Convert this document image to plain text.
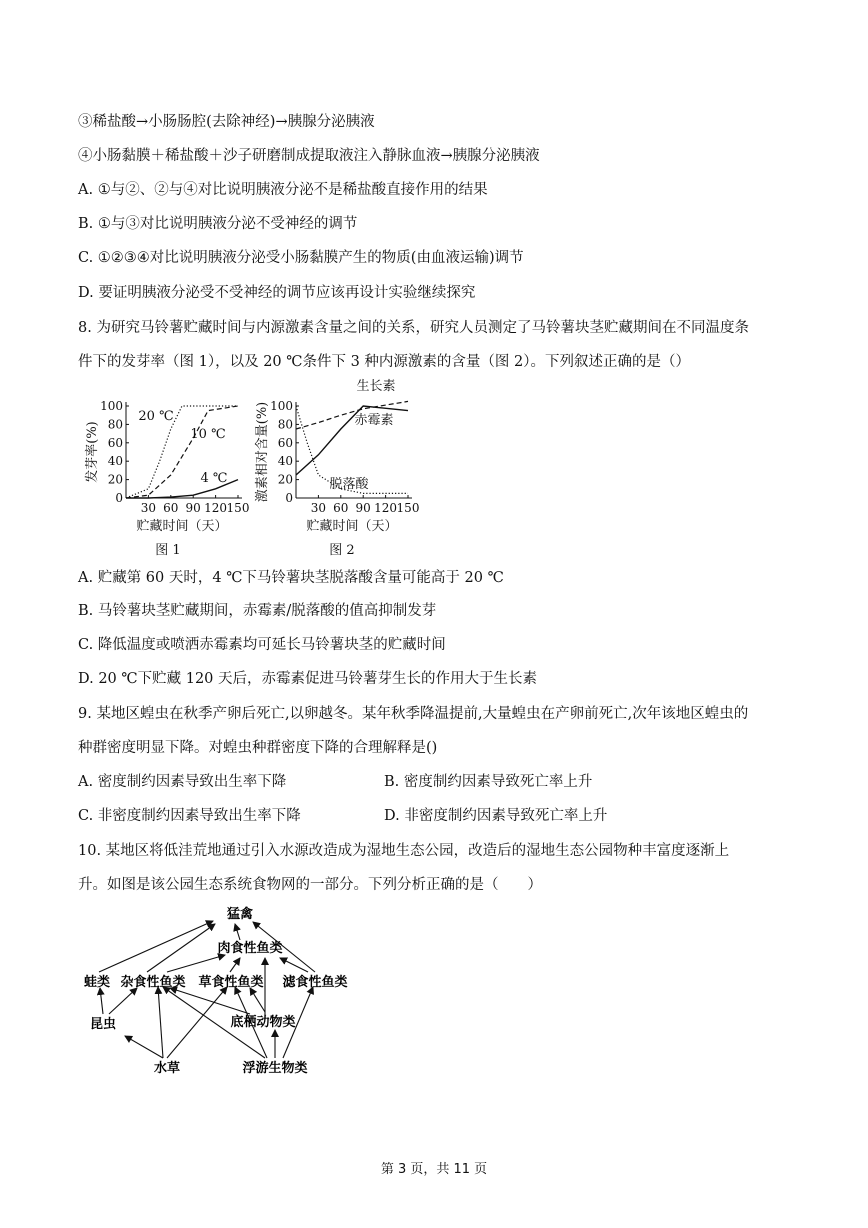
③稀盐酸→小肠肠腔(去除神经)→胰腺分泌胰液
④小肠黏膜＋稀盐酸＋沙子研磨制成提取液注入静脉血液→胰腺分泌胰液
A. ①与②、②与④对比说明胰液分泌不是稀盐酸直接作用的结果
B. ①与③对比说明胰液分泌不受神经的调节
C. ①②③④对比说明胰液分泌受小肠黏膜产生的物质(由血液运输)调节
D. 要证明胰液分泌受不受神经的调节应该再设计实验继续探究
8. 为研究马铃薯贮藏时间与内源激素含量之间的关系，研究人员测定了马铃薯块茎贮藏期间在不同温度条
件下的发芽率（图 1），以及 20 ℃条件下 3 种内源激素的含量（图 2）。下列叙述正确的是（）
0
20
40
60
80
100
30 60 90 120 150
贮藏时间（天）
发芽率(%)
图 1
20 ℃
10 ℃
4 ℃
0
20
40
60
80
100
30 60 90 120 150
贮藏时间（天）
激素相对含量(%)
图 2
生长素
赤霉素
脱落酸
A. 贮藏第 60 天时，4 ℃下马铃薯块茎脱落酸含量可能高于 20 ℃
B. 马铃薯块茎贮藏期间，赤霉素/脱落酸的值高抑制发芽
C. 降低温度或喷洒赤霉素均可延长马铃薯块茎的贮藏时间
D. 20 ℃下贮藏 120 天后，赤霉素促进马铃薯芽生长的作用大于生长素
9. 某地区蝗虫在秋季产卵后死亡,以卵越冬。某年秋季降温提前,大量蝗虫在产卵前死亡,次年该地区蝗虫的
种群密度明显下降。对蝗虫种群密度下降的合理解释是()
A. 密度制约因素导致出生率下降	B. 密度制约因素导致死亡率上升
C. 非密度制约因素导致出生率下降	D. 非密度制约因素导致死亡率上升
10. 某地区将低洼荒地通过引入水源改造成为湿地生态公园，改造后的湿地生态公园物种丰富度逐渐上
升。如图是该公园生态系统食物网的一部分。下列分析正确的是（　　）
猛禽
肉食性鱼类
蛙类 杂食性鱼类 草食性鱼类 滤食性鱼类
底栖动物类
昆虫
水草	浮游生物类
第 3 页，共 11 页
